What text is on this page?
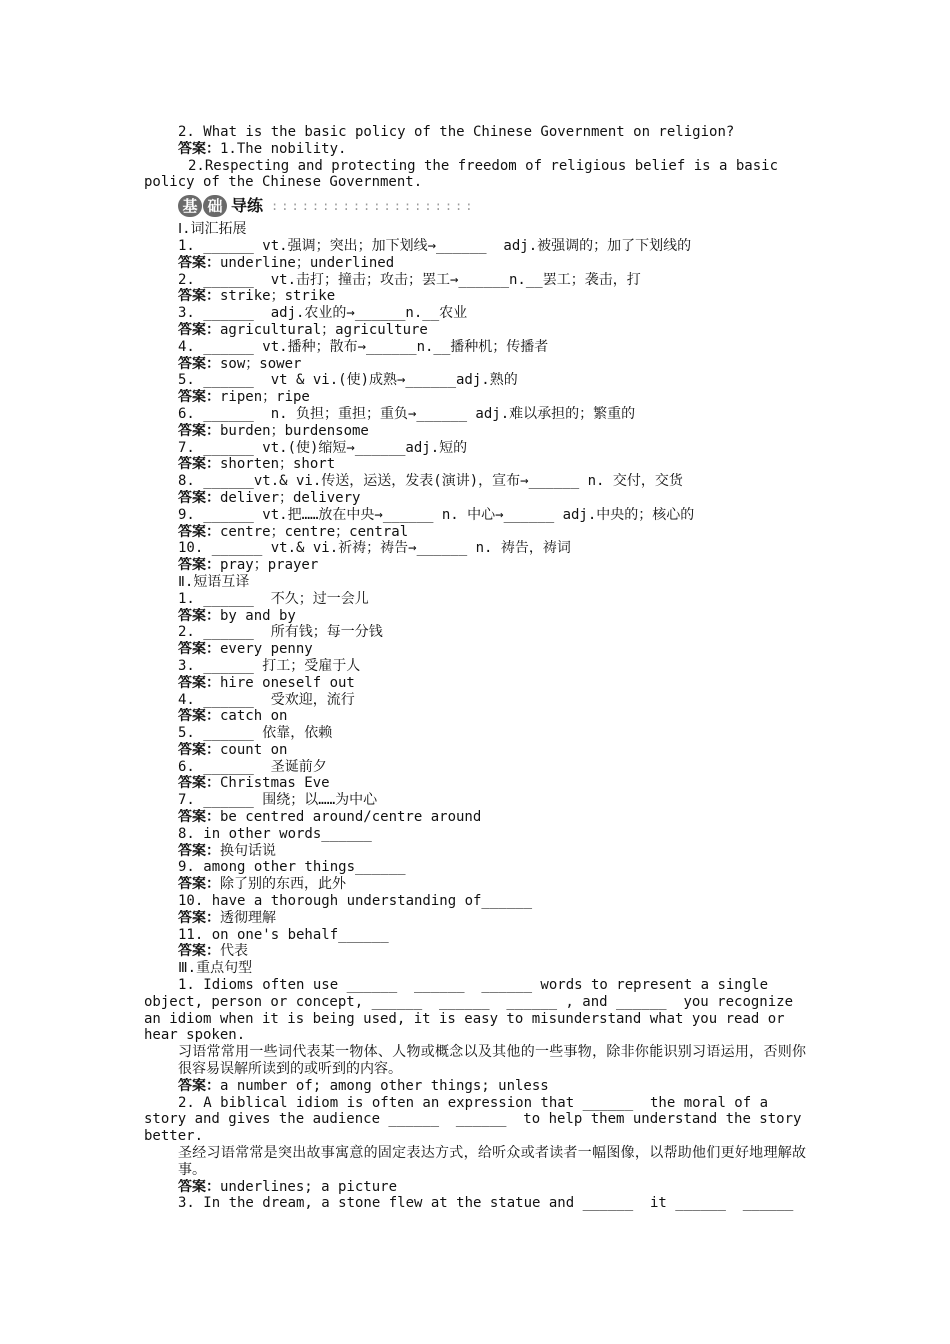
2. What is the basic policy of the Chinese Government on religion?
答案：1.The nobility.
2.Respecting and protecting the freedom of religious belief is a basic
policy of the Chinese Government.
基 础 导练 ::::::::::::::::::::
Ⅰ.词汇拓展
1. ______ vt.强调；突出；加下划线→______  adj.被强调的；加了下划线的
答案：underline；underlined
2. ______  vt.击打；撞击；攻击；罢工→______n.__罢工；袭击，打
答案：strike；strike
3. ______  adj.农业的→______n.__农业
答案：agricultural；agriculture
4. ______ vt.播种；散布→______n.__播种机；传播者
答案：sow；sower
5. ______  vt & vi.(使)成熟→______adj.熟的
答案：ripen；ripe
6. ______  n. 负担；重担；重负→______ adj.难以承担的；繁重的
答案：burden；burdensome
7. ______ vt.(使)缩短→______adj.短的
答案：shorten；short
8. ______vt.& vi.传送，运送，发表(演讲)，宣布→______ n. 交付，交货
答案：deliver；delivery
9. ______ vt.把……放在中央→______ n. 中心→______ adj.中央的；核心的
答案：centre；centre；central
10. ______ vt.& vi.祈祷；祷告→______ n. 祷告，祷词
答案：pray；prayer
Ⅱ.短语互译
1. ______  不久；过一会儿
答案：by and by
2. ______  所有钱；每一分钱
答案：every penny
3. ______ 打工；受雇于人
答案：hire oneself out
4. ______  受欢迎，流行
答案：catch on
5. ______ 依靠，依赖
答案：count on
6. ______  圣诞前夕
答案：Christmas Eve
7. ______ 围绕；以……为中心
答案：be centred around/centre around
8. in other words______
答案：换句话说
9. among other things______
答案：除了别的东西，此外
10. have a thorough understanding of______
答案：透彻理解
11. on one's behalf______
答案：代表
Ⅲ.重点句型
1. Idioms often use ______  ______  ______ words to represent a single
object, person or concept, ______  ______  ______ , and ______  you recognize
an idiom when it is being used, it is easy to misunderstand what you read or
hear spoken.
习语常常用一些词代表某一物体、人物或概念以及其他的一些事物，除非你能识别习语运用，否则你很容易误解所读到的或听到的内容。
答案：a number of; among other things; unless
2. A biblical idiom is often an expression that ______  the moral of a
story and gives the audience ______  ______  to help them understand the story
better.
圣经习语常常是突出故事寓意的固定表达方式，给听众或者读者一幅图像，以帮助他们更好地理解故事。
答案：underlines; a picture
3. In the dream, a stone flew at the statue and ______  it ______  ______
